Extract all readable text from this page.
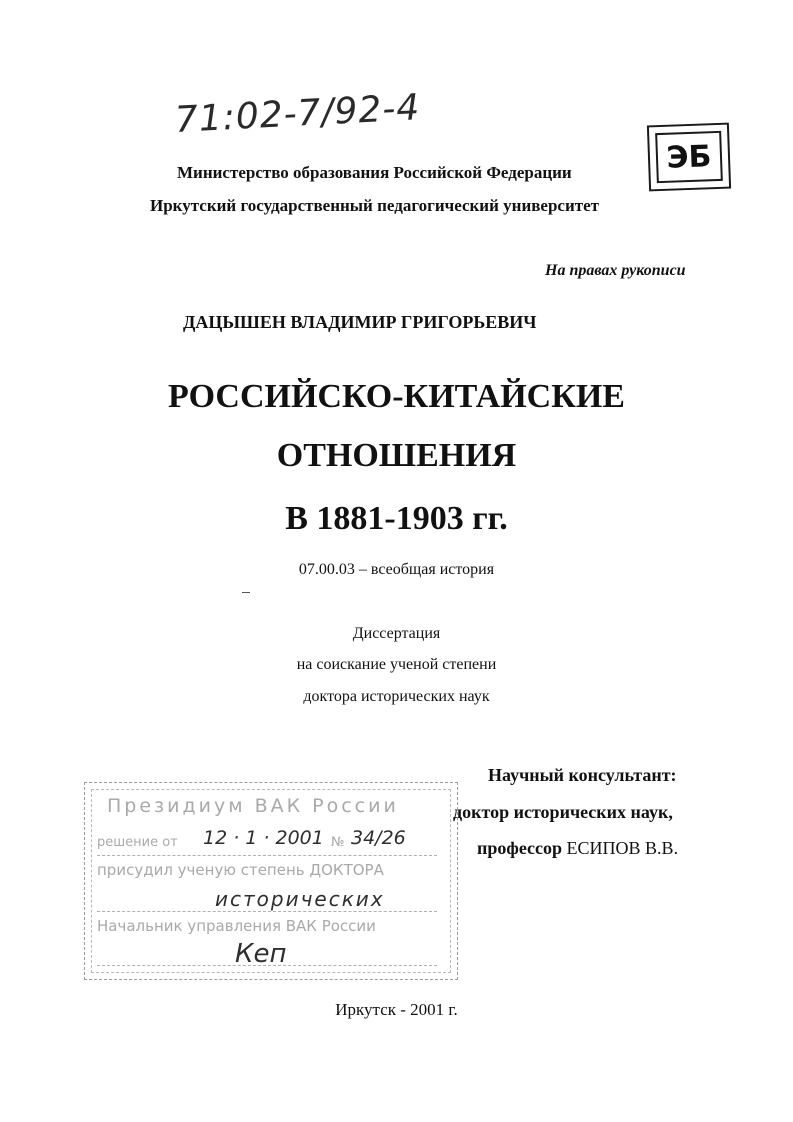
71:02-7/92-4
ЭБ
Министерство образования Российской Федерации
Иркутский государственный педагогический университет
На правах рукописи
ДАЦЫШЕН ВЛАДИМИР ГРИГОРЬЕВИЧ
РОССИЙСКО-КИТАЙСКИЕ
ОТНОШЕНИЯ
В 1881-1903 гг.
07.00.03 – всеобщая история
Диссертация
на соискание ученой степени
доктора исторических наук
Научный консультант:
доктор исторических наук,
профессор ЕСИПОВ В.В.
Президиум ВАК России
решение от 12 · 1 · 2001 № 34/26
присудил ученую степень ДОКТОРА
исторических
Начальник управления ВАК России
Кеп
Иркутск - 2001 г.
